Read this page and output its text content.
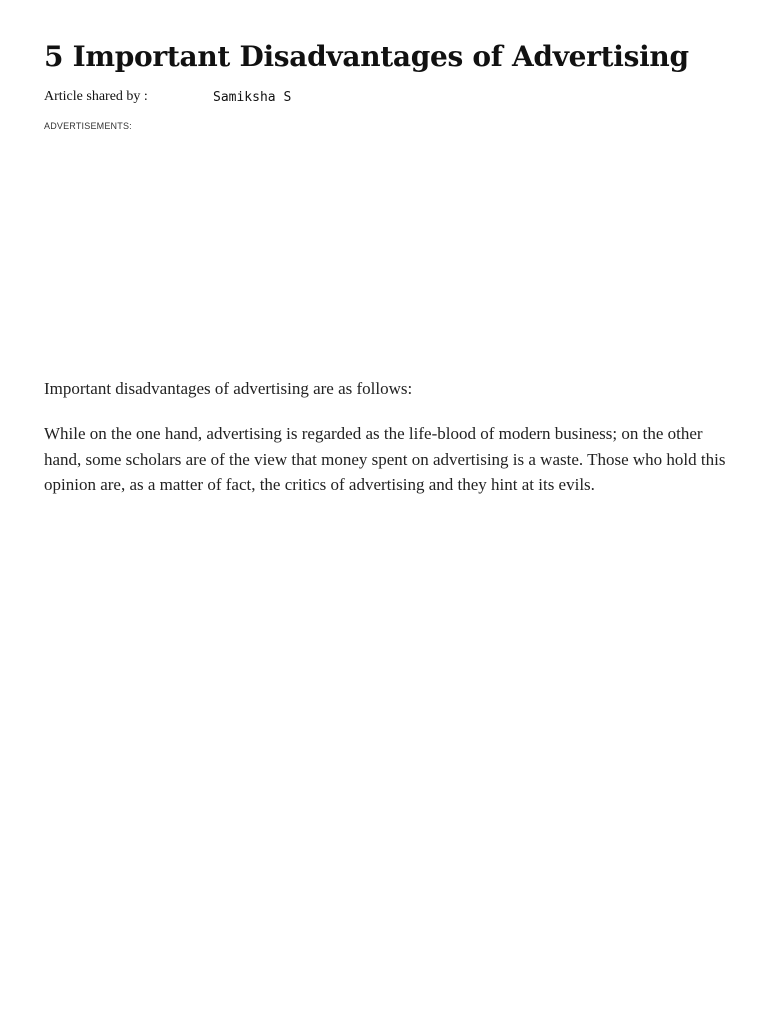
5 Important Disadvantages of Advertising
Article shared by :	Samiksha S
ADVERTISEMENTS:

Important disadvantages of advertising are as follows:

While on the one hand, advertising is regarded as the life-blood of modern business; on the other hand, some scholars are of the view that money spent on advertising is a waste. Those who hold this opinion are, as a matter of fact, the critics of advertising and they hint at its evils.
